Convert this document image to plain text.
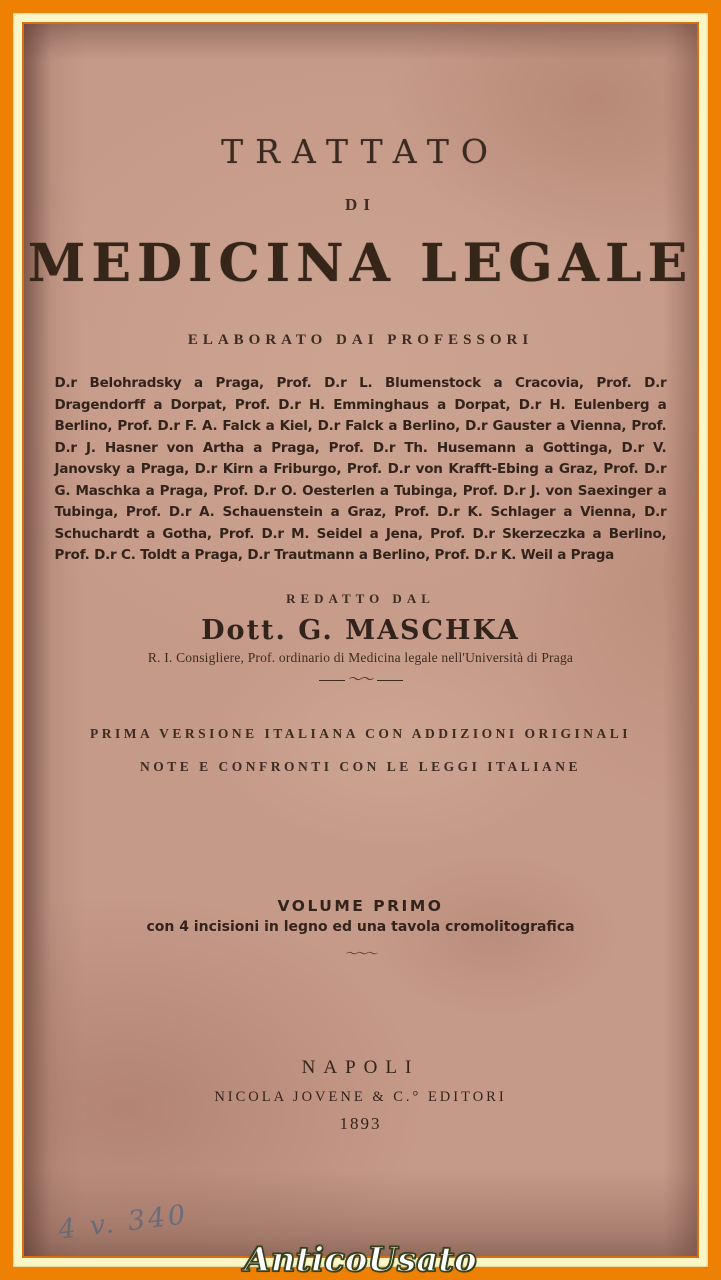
TRATTATO
DI
MEDICINA LEGALE
ELABORATO DAI PROFESSORI
D.r Belohradsky a Praga, Prof. D.r L. Blumenstock a Cracovia, Prof. D.r Dragendorff a Dorpat, Prof. D.r H. Emminghaus a Dorpat, D.r H. Eulenberg a Berlino, Prof. D.r F. A. Falck a Kiel, D.r Falck a Berlino, D.r Gauster a Vienna, Prof. D.r J. Hasner von Artha a Praga, Prof. D.r Th. Husemann a Gottinga, D.r V. Janovsky a Praga, D.r Kirn a Friburgo, Prof. D.r von Krafft-Ebing a Graz, Prof. D.r G. Maschka a Praga, Prof. D.r O. Oesterlen a Tubinga, Prof. D.r J. von Saexinger a Tubinga, Prof. D.r A. Schauenstein a Graz, Prof. D.r K. Schlager a Vienna, D.r Schuchardt a Gotha, Prof. D.r M. Seidel a Jena, Prof. D.r Skerzeczka a Berlino, Prof. D.r C. Toldt a Praga, D.r Trautmann a Berlino, Prof. D.r K. Weil a Praga
REDATTO DAL
Dott. G. MASCHKA
R. I. Consigliere, Prof. ordinario di Medicina legale nell'Università di Praga
〜〜
PRIMA VERSIONE ITALIANA CON ADDIZIONI ORIGINALI
NOTE E CONFRONTI CON LE LEGGI ITALIANE
VOLUME PRIMO
con 4 incisioni in legno ed una tavola cromolitografica
〜〜〜
NAPOLI
NICOLA JOVENE & C.° EDITORI
1893
4 v. 340
AnticoUsato
